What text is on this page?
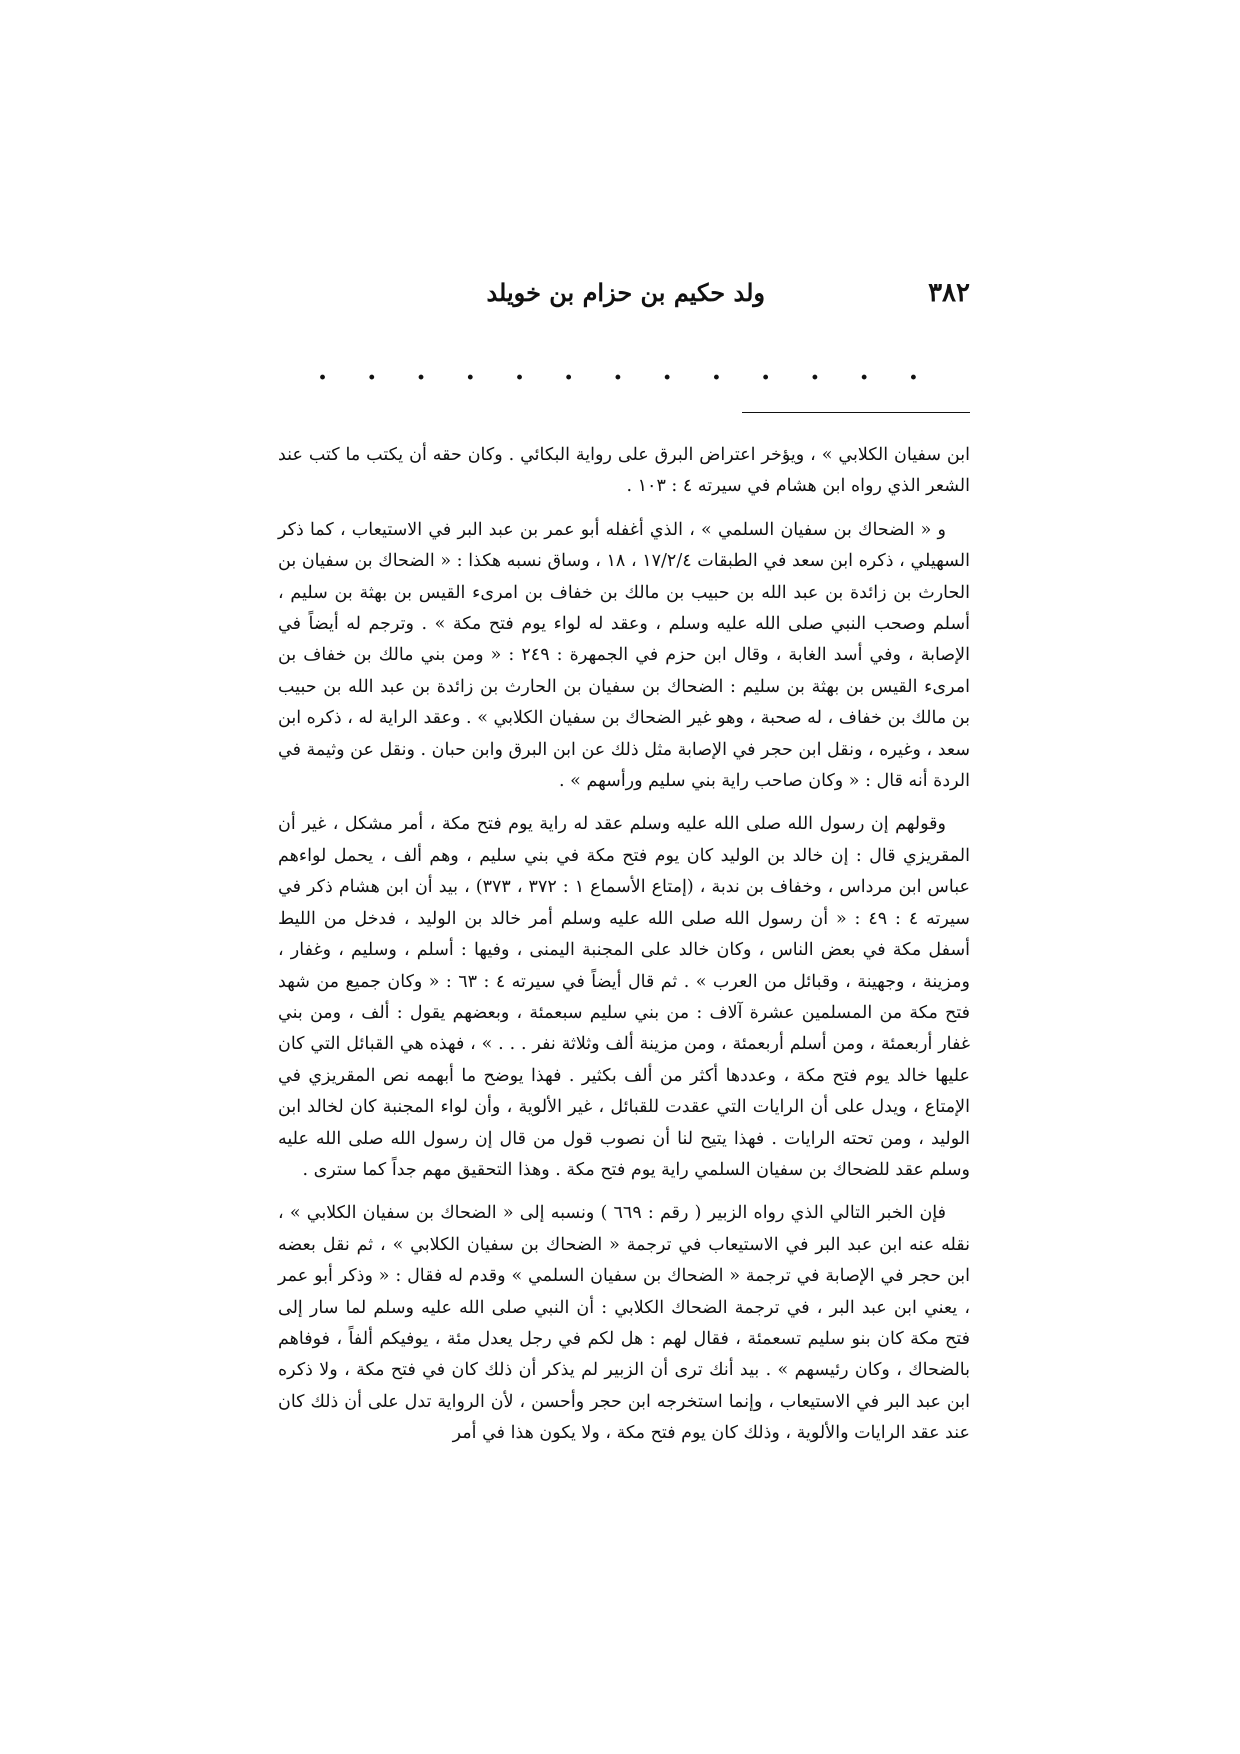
٣٨٢
ولد حكيم بن حزام بن خويلد
.
.
.
.
.
.
.
.
.
.
.
.
.

ابن سفيان الكلابي » ، ويؤخر اعتراض البرق على رواية البكائي . وكان حقه أن يكتب ما كتب عند الشعر الذي رواه ابن هشام في سيرته ٤ : ١٠٣ .

و « الضحاك بن سفيان السلمي » ، الذي أغفله أبو عمر بن عبد البر في الاستيعاب ، كما ذكر السهيلي ، ذكره ابن سعد في الطبقات ١٧/٢/٤ ، ١٨ ، وساق نسبه هكذا : « الضحاك بن سفيان بن الحارث بن زائدة بن عبد الله بن حبيب بن مالك بن خفاف بن امرىء القيس بن بهثة بن سليم ، أسلم وصحب النبي صلى الله عليه وسلم ، وعقد له لواء يوم فتح مكة » . وترجم له أيضاً في الإصابة ، وفي أسد الغابة ، وقال ابن حزم في الجمهرة : ٢٤٩ : « ومن بني مالك بن خفاف بن امرىء القيس بن بهثة بن سليم : الضحاك بن سفيان بن الحارث بن زائدة بن عبد الله بن حبيب بن مالك بن خفاف ، له صحبة ، وهو غير الضحاك بن سفيان الكلابي » . وعقد الراية له ، ذكره ابن سعد ، وغيره ، ونقل ابن حجر في الإصابة مثل ذلك عن ابن البرق وابن حبان . ونقل عن وثيمة في الردة أنه قال : « وكان صاحب راية بني سليم ورأسهم » .

وقولهم إن رسول الله صلى الله عليه وسلم عقد له راية يوم فتح مكة ، أمر مشكل ، غير أن المقريزي قال : إن خالد بن الوليد كان يوم فتح مكة في بني سليم ، وهم ألف ، يحمل لواءهم عباس ابن مرداس ، وخفاف بن ندبة ، (إمتاع الأسماع ١ : ٣٧٢ ، ٣٧٣) ، بيد أن ابن هشام ذكر في سيرته ٤ : ٤٩ : « أن رسول الله صلى الله عليه وسلم أمر خالد بن الوليد ، فدخل من الليط أسفل مكة في بعض الناس ، وكان خالد على المجنبة اليمنى ، وفيها : أسلم ، وسليم ، وغفار ، ومزينة ، وجهينة ، وقبائل من العرب » . ثم قال أيضاً في سيرته ٤ : ٦٣ : « وكان جميع من شهد فتح مكة من المسلمين عشرة آلاف : من بني سليم سبعمئة ، وبعضهم يقول : ألف ، ومن بني غفار أربعمئة ، ومن أسلم أربعمئة ، ومن مزينة ألف وثلاثة نفر . . . » ، فهذه هي القبائل التي كان عليها خالد يوم فتح مكة ، وعددها أكثر من ألف بكثير . فهذا يوضح ما أبهمه نص المقريزي في الإمتاع ، ويدل على أن الرايات التي عقدت للقبائل ، غير الألوية ، وأن لواء المجنبة كان لخالد ابن الوليد ، ومن تحته الرايات . فهذا يتيح لنا أن نصوب قول من قال إن رسول الله صلى الله عليه وسلم عقد للضحاك بن سفيان السلمي راية يوم فتح مكة . وهذا التحقيق مهم جداً كما سترى .

فإن الخبر التالي الذي رواه الزبير ( رقم : ٦٦٩ ) ونسبه إلى « الضحاك بن سفيان الكلابي » ، نقله عنه ابن عبد البر في الاستيعاب في ترجمة « الضحاك بن سفيان الكلابي » ، ثم نقل بعضه ابن حجر في الإصابة في ترجمة « الضحاك بن سفيان السلمي » وقدم له فقال : « وذكر أبو عمر ، يعني ابن عبد البر ، في ترجمة الضحاك الكلابي : أن النبي صلى الله عليه وسلم لما سار إلى فتح مكة كان بنو سليم تسعمئة ، فقال لهم : هل لكم في رجل يعدل مئة ، يوفيكم ألفاً ، فوفاهم بالضحاك ، وكان رئيسهم » . بيد أنك ترى أن الزبير لم يذكر أن ذلك كان في فتح مكة ، ولا ذكره ابن عبد البر في الاستيعاب ، وإنما استخرجه ابن حجر وأحسن ، لأن الرواية تدل على أن ذلك كان عند عقد الرايات والألوية ، وذلك كان يوم فتح مكة ، ولا يكون هذا في أمر
